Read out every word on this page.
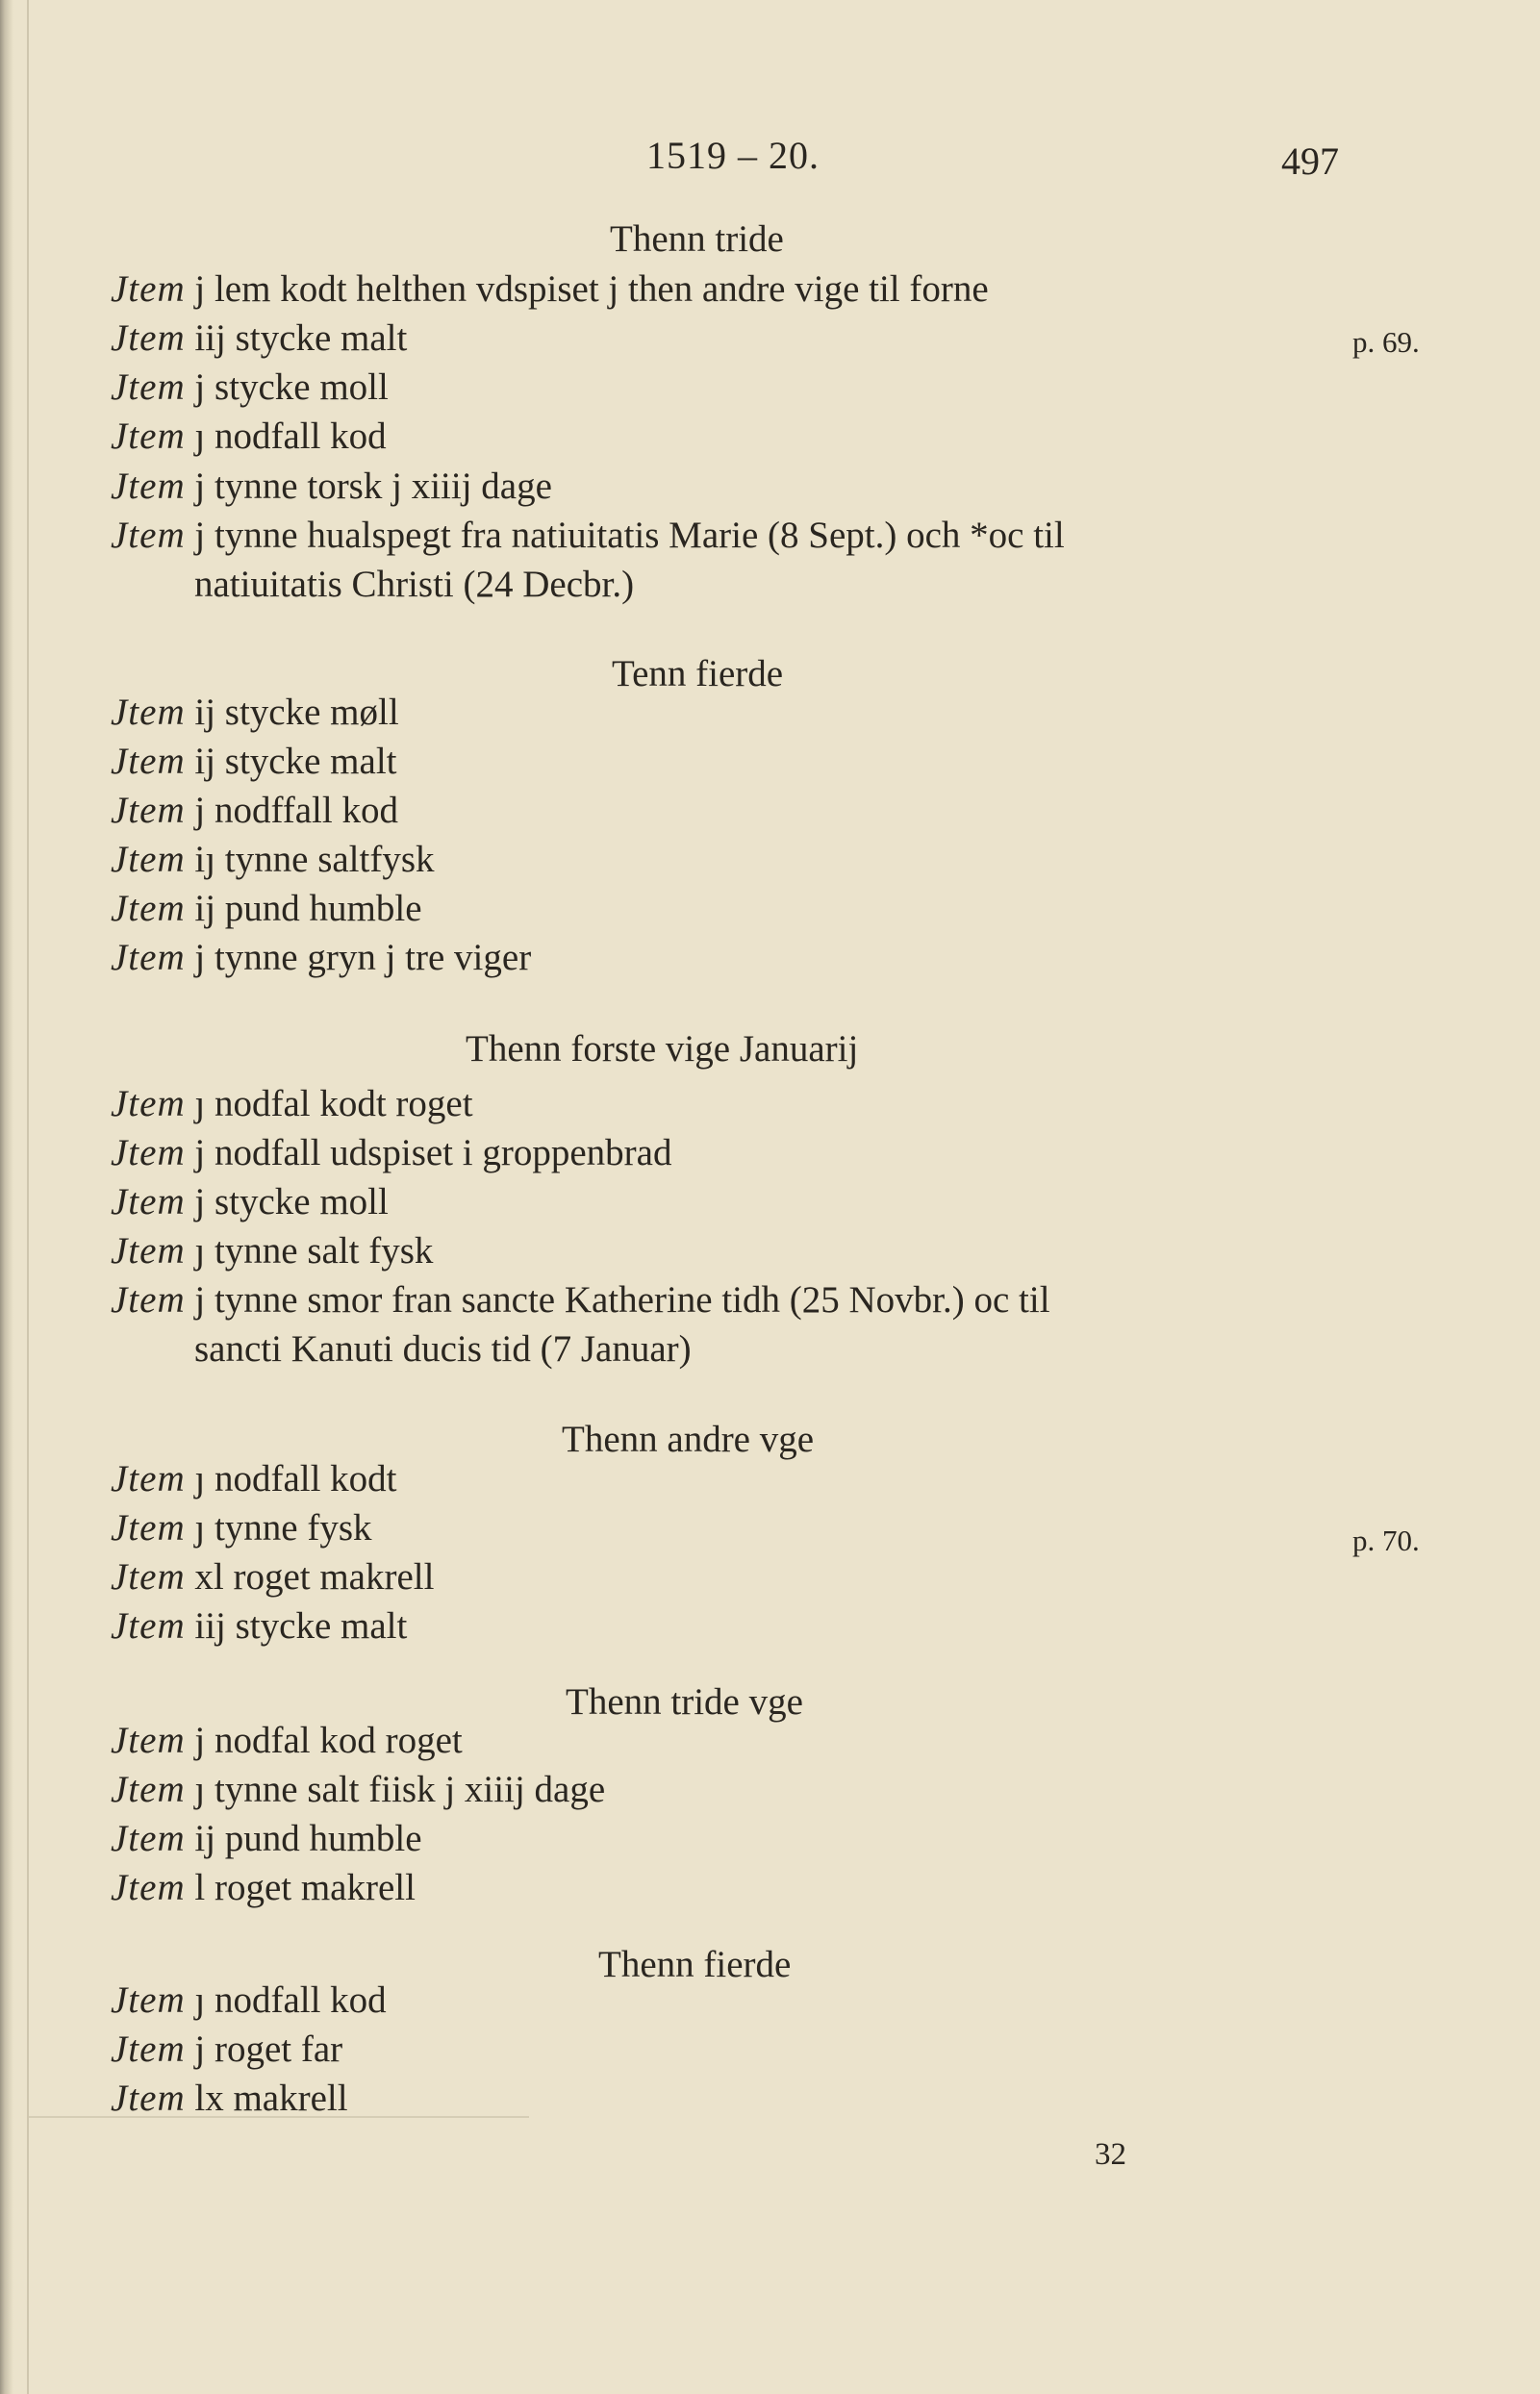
1519 – 20.	497
Thenn tride
Jtem j lem kodt helthen vdspiset j then andre vige til forne
Jtem iij stycke malt
Jtem j stycke moll
Jtem ȷ nodfall kod
Jtem j tynne torsk j xiiij dage
Jtem j tynne hualspegt fra natiuitatis Marie (8 Sept.) och *oc til
natiuitatis Christi (24 Decbr.)
Tenn fierde
Jtem ij stycke møll
Jtem ij stycke malt
Jtem j nodffall kod
Jtem iȷ tynne saltfysk
Jtem ij pund humble
Jtem j tynne gryn j tre viger
Thenn forste vige Januarij
Jtem ȷ nodfal kodt roget
Jtem j nodfall udspiset i groppenbrad
Jtem j stycke moll
Jtem ȷ tynne salt fysk
Jtem j tynne smor fran sancte Katherine tidh (25 Novbr.) oc til
sancti Kanuti ducis tid (7 Januar)
Thenn andre vge
Jtem ȷ nodfall kodt
Jtem ȷ tynne fysk
Jtem xl roget makrell
Jtem iij stycke malt
Thenn tride vge
Jtem j nodfal kod roget
Jtem ȷ tynne salt fiisk j xiiij dage
Jtem ij pund humble
Jtem l roget makrell
Thenn fierde
Jtem ȷ nodfall kod
Jtem j roget far
Jtem lx makrell
p. 69.
p. 70.
32
